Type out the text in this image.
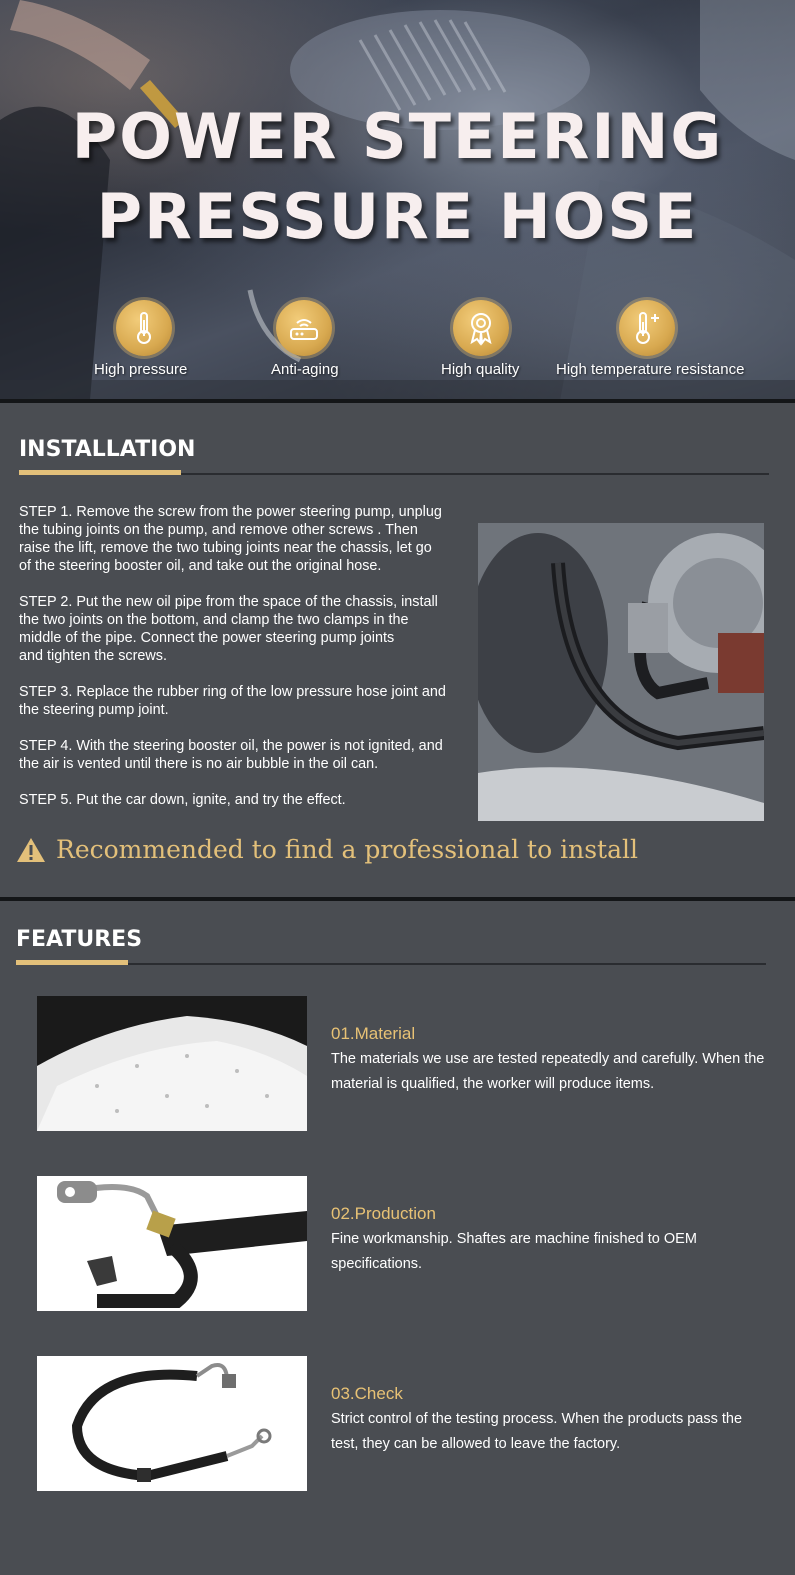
POWER STEERING
PRESSURE HOSE
High pressure	Anti-aging	High quality High temperature resistance
INSTALLATION

STEP 1. Remove the screw from the power steering pump, unplug
the tubing joints on the pump, and remove other screws . Then
raise the lift, remove the two tubing joints near the chassis, let go
of the steering booster oil, and take out the original hose.

STEP 2. Put the new oil pipe from the space of the chassis, install
the two joints on the bottom, and clamp the two clamps in the
middle of the pipe. Connect the power steering pump joints
and tighten the screws.

STEP 3. Replace the rubber ring of the low pressure hose joint and
the steering pump joint.

STEP 4. With the steering booster oil, the power is not ignited, and
the air is vented until there is no air bubble in the oil can.

STEP 5. Put the car down, ignite, and try the effect.

Recommended to find a professional to install
FEATURES
01.Material
The materials we use are tested repeatedly and carefully. When the material is qualified, the worker will produce items.
02.Production
Fine workmanship. Shaftes are machine finished to OEM specifications.
03.Check
Strict control of the testing process. When the products pass the test, they can be allowed to leave the factory.
